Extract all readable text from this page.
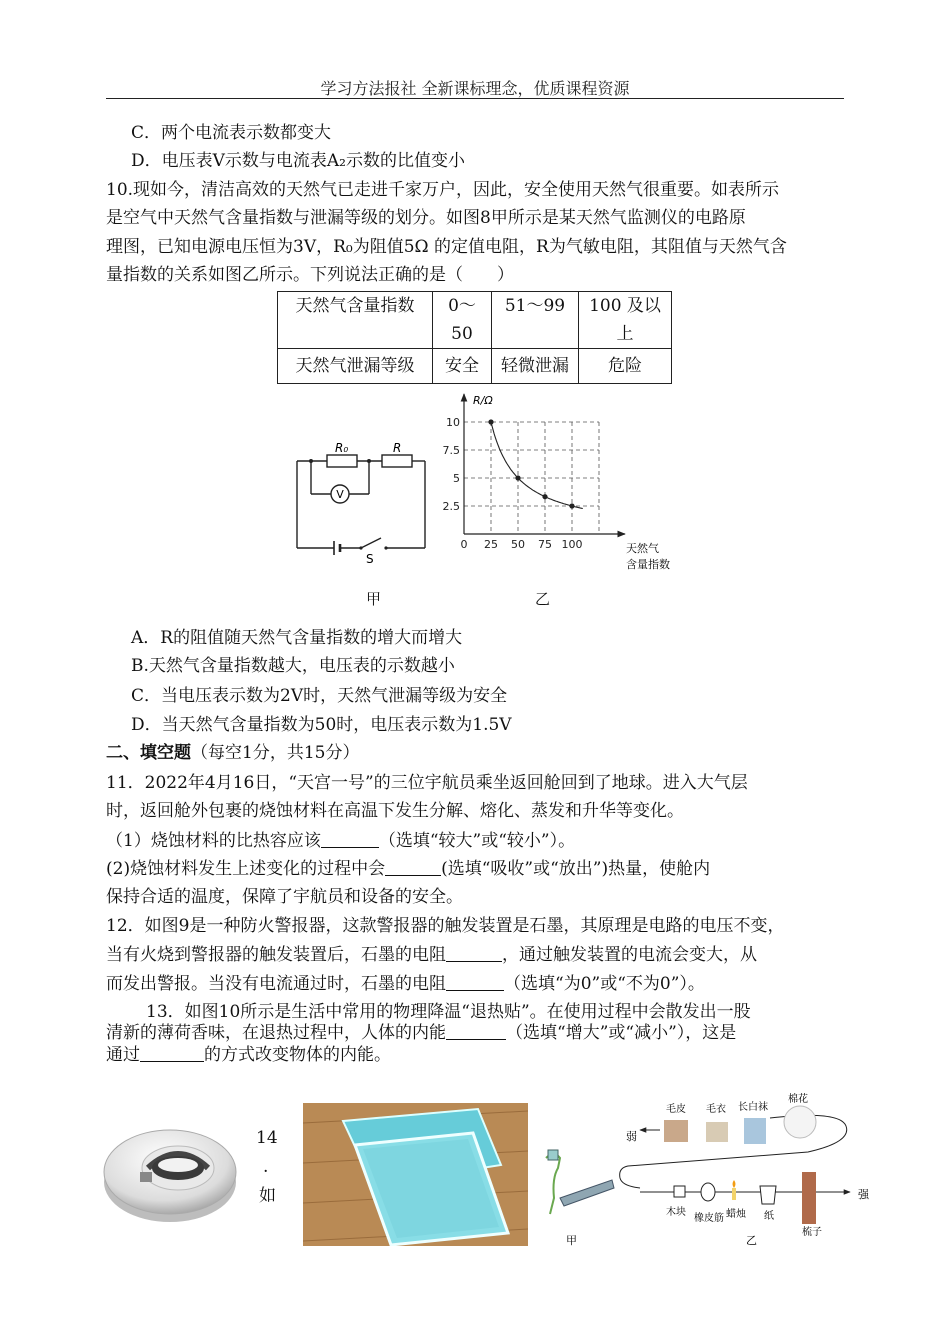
学习方法报社 全新课标理念，优质课程资源
C．两个电流表示数都变大
D．电压表V示数与电流表A₂示数的比值变小
10.现如今，清洁高效的天然气已走进千家万户，因此，安全使用天然气很重要。如表所示
是空气中天然气含量指数与泄漏等级的划分。如图8甲所示是某天然气监测仪的电路原
理图，已知电源电压恒为3V，R₀为阻值5Ω 的定值电阻，R为气敏电阻，其阻值与天然气含
量指数的关系如图乙所示。下列说法正确的是（　　）
天然气含量指数	0～50	51～99	100 及以
上

天然气泄漏等级	安全	轻微泄漏	危险
R₀	R
V
S
0 25 50 75 100
2.5
5
7.5
10
R/Ω
天然气
含量指数
甲	乙
A．R的阻值随天然气含量指数的增大而增大
B.天然气含量指数越大，电压表的示数越小
C．当电压表示数为2V时，天然气泄漏等级为安全
D．当天然气含量指数为50时，电压表示数为1.5V
二、填空题（每空1分，共15分）
11．2022年4月16日，“天宫一号”的三位宇航员乘坐返回舱回到了地球。进入大气层
时，返回舱外包裹的烧蚀材料在高温下发生分解、熔化、蒸发和升华等变化。
（1）烧蚀材料的比热容应该	（选填“较大”或“较小”）。
(2)烧蚀材料发生上述变化的过程中会	(选填“吸收”或“放出”)热量，使舱内
保持合适的温度，保障了宇航员和设备的安全。
12．如图9是一种防火警报器，这款警报器的触发装置是石墨，其原理是电路的电压不变，
当有火烧到警报器的触发装置后，石墨的电阻	，通过触发装置的电流会变大，从
而发出警报。当没有电流通过时，石墨的电阻	（选填“为0”或“不为0”）。
13．如图10所示是生活中常用的物理降温“退热贴”。在使用过程中会散发出一股
清新的薄荷香味，在退热过程中，人体的内能	（选填“增大”或“减小”），这是
通过	的方式改变物体的内能。
14
.
如
甲
弱
毛皮 毛衣 长白袜
棉花
强
木块
橡皮筋 蜡烛 纸
梳子
乙
